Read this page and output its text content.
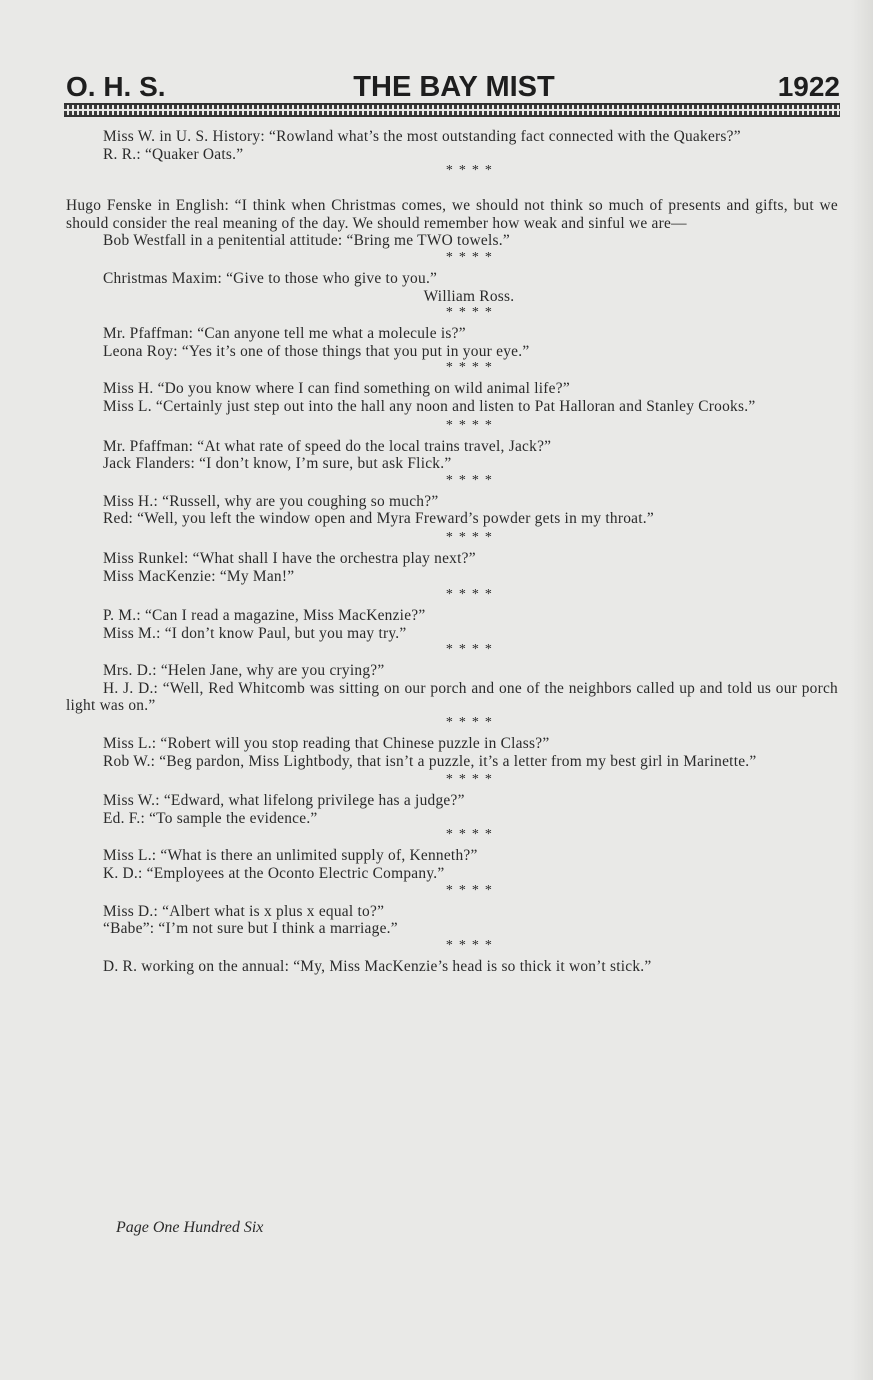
O. H. S.	THE BAY MIST	1922

Miss W. in U. S. History: “Rowland what’s the most outstanding fact connected with the Quakers?”

R. R.: “Quaker Oats.”

* * * *

Hugo Fenske in English: “I think when Christmas comes, we should not think so much of presents and gifts, but we should consider the real meaning of the day. We should remember how weak and sinful we are—

Bob Westfall in a penitential attitude: “Bring me TWO towels.”

* * * *

Christmas Maxim: “Give to those who give to you.”

William Ross.

* * * *

Mr. Pfaffman: “Can anyone tell me what a molecule is?”

Leona Roy: “Yes it’s one of those things that you put in your eye.”

* * * *

Miss H. “Do you know where I can find something on wild animal life?”

Miss L. “Certainly just step out into the hall any noon and listen to Pat Halloran and Stanley Crooks.”

* * * *

Mr. Pfaffman: “At what rate of speed do the local trains travel, Jack?”

Jack Flanders: “I don’t know, I’m sure, but ask Flick.”

* * * *

Miss H.: “Russell, why are you coughing so much?”

Red: “Well, you left the window open and Myra Freward’s powder gets in my throat.”

* * * *

Miss Runkel: “What shall I have the orchestra play next?”

Miss MacKenzie: “My Man!”

* * * *

P. M.: “Can I read a magazine, Miss MacKenzie?”

Miss M.: “I don’t know Paul, but you may try.”

* * * *

Mrs. D.: “Helen Jane, why are you crying?”

H. J. D.: “Well, Red Whitcomb was sitting on our porch and one of the neighbors called up and told us our porch light was on.”

* * * *

Miss L.: “Robert will you stop reading that Chinese puzzle in Class?”

Rob W.: “Beg pardon, Miss Lightbody, that isn’t a puzzle, it’s a letter from my best girl in Marinette.”

* * * *

Miss W.: “Edward, what lifelong privilege has a judge?”

Ed. F.: “To sample the evidence.”

* * * *

Miss L.: “What is there an unlimited supply of, Kenneth?”

K. D.: “Employees at the Oconto Electric Company.”

* * * *

Miss D.: “Albert what is x plus x equal to?”

“Babe”: “I’m not sure but I think a marriage.”

* * * *

D. R. working on the annual: “My, Miss MacKenzie’s head is so thick it won’t stick.”

Page One Hundred Six
